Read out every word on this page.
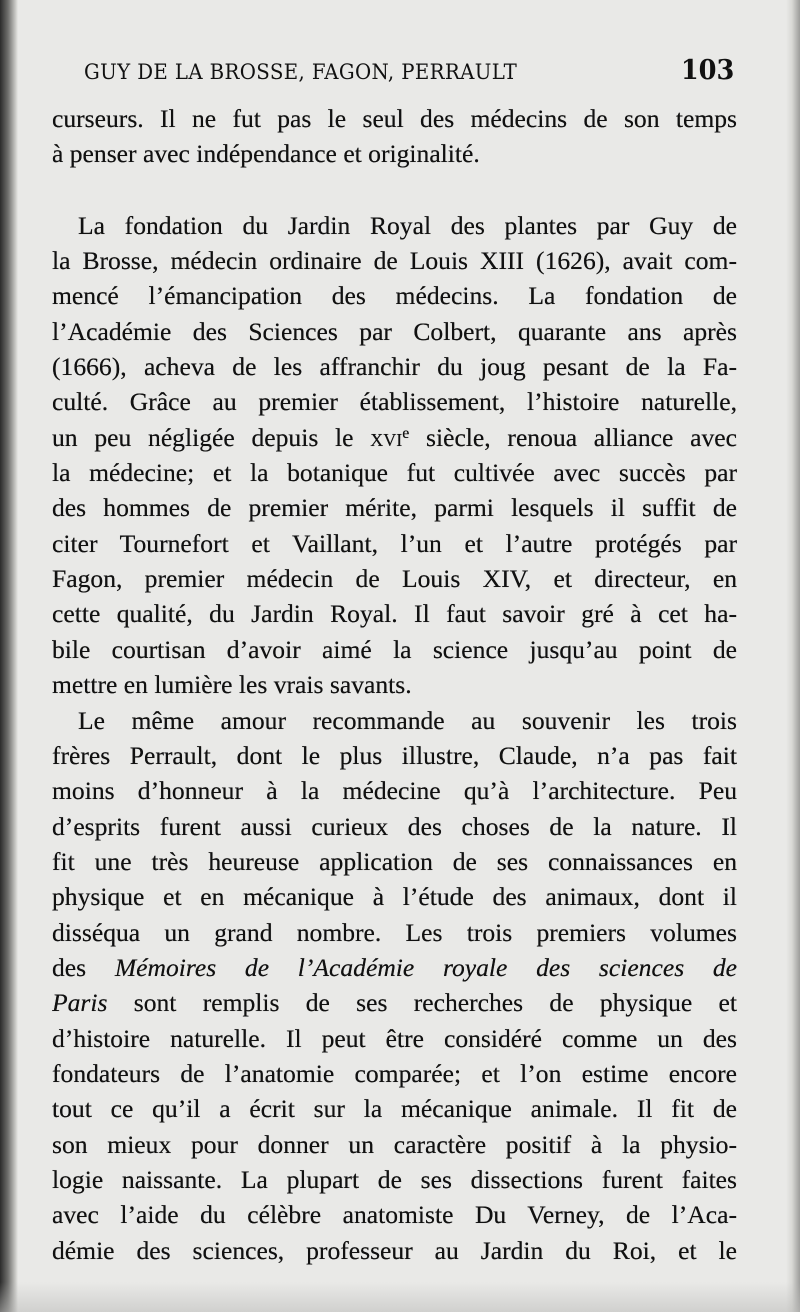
GUY DE LA BROSSE, FAGON, PERRAULT	103
curseurs. Il ne fut pas le seul des médecins de son temps
à penser avec indépendance et originalité.
La fondation du Jardin Royal des plantes par Guy de
la Brosse, médecin ordinaire de Louis XIII (1626), avait com-
mencé l’émancipation des médecins. La fondation de
l’Académie des Sciences par Colbert, quarante ans après
(1666), acheva de les affranchir du joug pesant de la Fa-
culté. Grâce au premier établissement, l’histoire naturelle,
un peu négligée depuis le xvi$^e$ siècle, renoua alliance avec
la médecine; et la botanique fut cultivée avec succès par
des hommes de premier mérite, parmi lesquels il suffit de
citer Tournefort et Vaillant, l’un et l’autre protégés par
Fagon, premier médecin de Louis XIV, et directeur, en
cette qualité, du Jardin Royal. Il faut savoir gré à cet ha-
bile courtisan d’avoir aimé la science jusqu’au point de
mettre en lumière les vrais savants.
Le même amour recommande au souvenir les trois
frères Perrault, dont le plus illustre, Claude, n’a pas fait
moins d’honneur à la médecine qu’à l’architecture. Peu
d’esprits furent aussi curieux des choses de la nature. Il
fit une très heureuse application de ses connaissances en
physique et en mécanique à l’étude des animaux, dont il
disséqua un grand nombre. Les trois premiers volumes
des Mémoires de l’Académie royale des sciences de
Paris sont remplis de ses recherches de physique et
d’histoire naturelle. Il peut être considéré comme un des
fondateurs de l’anatomie comparée; et l’on estime encore
tout ce qu’il a écrit sur la mécanique animale. Il fit de
son mieux pour donner un caractère positif à la physio-
logie naissante. La plupart de ses dissections furent faites
avec l’aide du célèbre anatomiste Du Verney, de l’Aca-
démie des sciences, professeur au Jardin du Roi, et le
